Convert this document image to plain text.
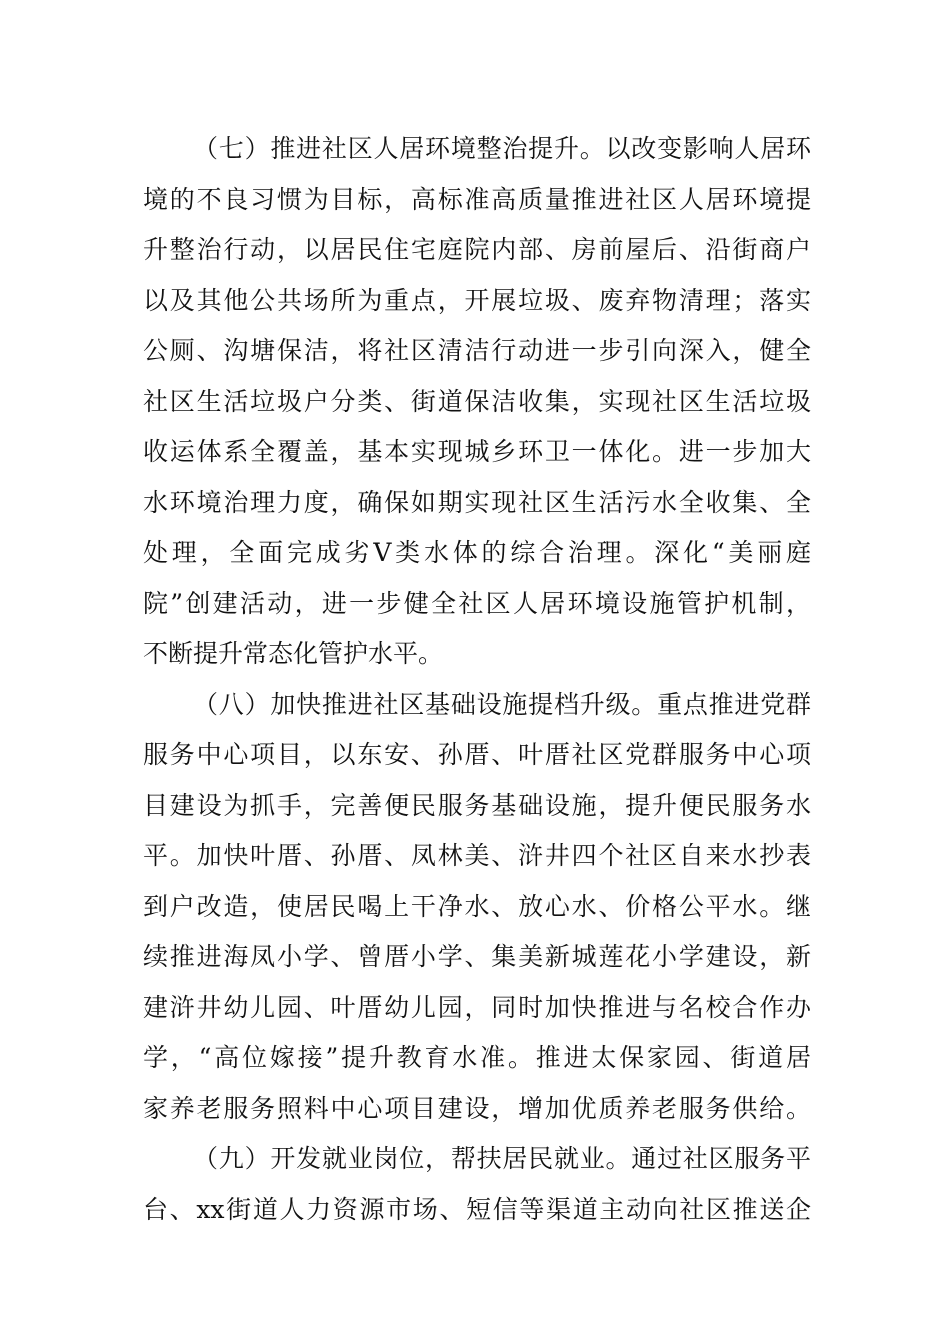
（七）推进社区人居环境整治提升。以改变影响人居环
境的不良习惯为目标，高标准高质量推进社区人居环境提
升整治行动，以居民住宅庭院内部、房前屋后、沿街商户
以及其他公共场所为重点，开展垃圾、废弃物清理；落实
公厕、沟塘保洁，将社区清洁行动进一步引向深入，健全
社区生活垃圾户分类、街道保洁收集，实现社区生活垃圾
收运体系全覆盖，基本实现城乡环卫一体化。进一步加大
水环境治理力度，确保如期实现社区生活污水全收集、全
处理，全面完成劣Ⅴ类水体的综合治理。深化“美丽庭
院”创建活动，进一步健全社区人居环境设施管护机制，
不断提升常态化管护水平。
（八）加快推进社区基础设施提档升级。重点推进党群
服务中心项目，以东安、孙厝、叶厝社区党群服务中心项
目建设为抓手，完善便民服务基础设施，提升便民服务水
平。加快叶厝、孙厝、凤林美、浒井四个社区自来水抄表
到户改造，使居民喝上干净水、放心水、价格公平水。继
续推进海凤小学、曾厝小学、集美新城莲花小学建设，新
建浒井幼儿园、叶厝幼儿园，同时加快推进与名校合作办
学，“高位嫁接”提升教育水准。推进太保家园、街道居
家养老服务照料中心项目建设，增加优质养老服务供给。
（九）开发就业岗位，帮扶居民就业。通过社区服务平
台、xx街道人力资源市场、短信等渠道主动向社区推送企
